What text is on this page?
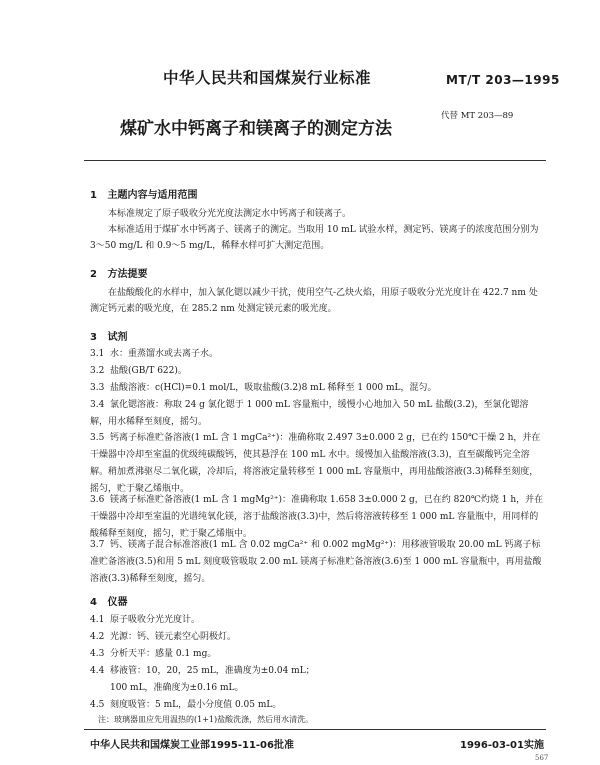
中华人民共和国煤炭行业标准	MT/T 203—1995
煤矿水中钙离子和镁离子的测定方法
代替 MT 203—89
1 主题内容与适用范围
本标准规定了原子吸收分光光度法测定水中钙离子和镁离子。
本标准适用于煤矿水中钙离子、镁离子的测定。当取用 10 mL 试验水样，测定钙、镁离子的浓度范围分别为 3～50 mg/L 和 0.9～5 mg/L，稀释水样可扩大测定范围。
2 方法提要
在盐酸酸化的水样中，加入氯化锶以减少干扰，使用空气-乙炔火焰，用原子吸收分光光度计在 422.7 nm 处测定钙元素的吸光度，在 285.2 nm 处测定镁元素的吸光度。
3 试剂
3.1 水：重蒸馏水或去离子水。
3.2 盐酸(GB/T 622)。
3.3 盐酸溶液：c(HCl)=0.1 mol/L，吸取盐酸(3.2)8 mL 稀释至 1 000 mL，混匀。
3.4 氯化锶溶液：称取 24 g 氯化锶于 1 000 mL 容量瓶中，缓慢小心地加入 50 mL 盐酸(3.2)，至氯化锶溶解，用水稀释至刻度，摇匀。
3.5 钙离子标准贮备溶液(1 mL 含 1 mgCa²⁺)：准确称取 2.497 3±0.000 2 g，已在约 150℃干燥 2 h，并在干燥器中冷却至室温的优级纯碳酸钙，使其悬浮在 100 mL 水中。缓慢加入盐酸溶液(3.3)，直至碳酸钙完全溶解。稍加煮沸驱尽二氧化碳，冷却后，将溶液定量转移至 1 000 mL 容量瓶中，再用盐酸溶液(3.3)稀释至刻度，摇匀，贮于聚乙烯瓶中。
3.6 镁离子标准贮备溶液(1 mL 含 1 mgMg²⁺)：准确称取 1.658 3±0.000 2 g，已在约 820℃灼烧 1 h，并在干燥器中冷却至室温的光谱纯氧化镁，溶于盐酸溶液(3.3)中，然后将溶液转移至 1 000 mL 容量瓶中，用同样的酸稀释至刻度，摇匀，贮于聚乙烯瓶中。
3.7 钙、镁离子混合标准溶液(1 mL 含 0.02 mgCa²⁺ 和 0.002 mgMg²⁺)：用移液管吸取 20.00 mL 钙离子标准贮备溶液(3.5)和用 5 mL 刻度吸管吸取 2.00 mL 镁离子标准贮备溶液(3.6)至 1 000 mL 容量瓶中，再用盐酸溶液(3.3)稀释至刻度，摇匀。
4 仪器
4.1 原子吸收分光光度计。
4.2 光源：钙、镁元素空心阴极灯。
4.3 分析天平：感量 0.1 mg。
4.4 移液管：10，20，25 mL，准确度为±0.04 mL；
100 mL，准确度为±0.16 mL。
4.5 刻度吸管：5 mL，最小分度值 0.05 mL。
注：玻璃器皿应先用温热的(1+1)盐酸洗涤，然后用水清洗。
中华人民共和国煤炭工业部1995-11-06批准	1996-03-01实施
567
